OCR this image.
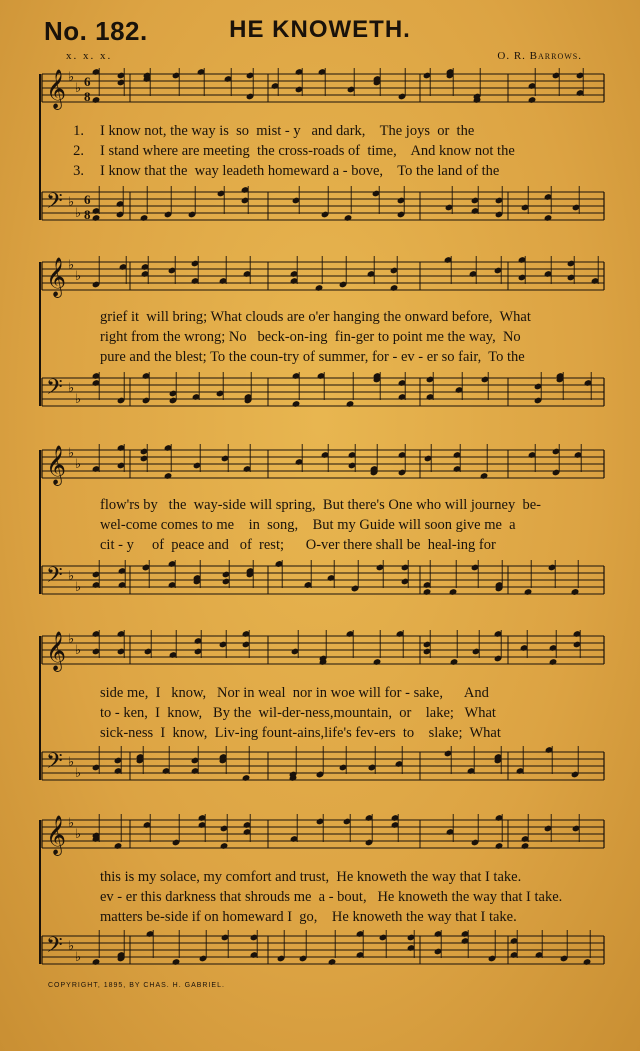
No. 182.	HE KNOWETH.
x. x. x.	O. R. Barrows.
𝄞 ♭
♭
𝄢 ♭
♭
6
8
6
8
1. I know not, the way is  so  mist - y   and dark,    The joys  or  the
2. I stand where are meeting  the cross-roads of  time,    And know not the
3. I know that the  way leadeth homeward a - bove,    To the land of the
𝄞 ♭
♭
𝄢 ♭
♭
grief it  will bring; What clouds are o'er hanging the onward before,  What
right from the wrong; No   beck-on-ing  fin-ger to point me the way,  No
pure and the blest; To the coun-try of summer, for - ev - er so fair,  To the
𝄞 ♭
♭
𝄢 ♭
♭
flow'rs by   the  way-side will spring,  But there's One who will journey  be-
wel-come comes to me    in  song,    But my Guide will soon give me  a
cit - y     of  peace and   of  rest;      O-ver there shall be  heal-ing for
𝄞 ♭
♭
𝄢 ♭
♭
side me,  I   know,   Nor in weal  nor in woe will for - sake,      And
to - ken,  I  know,   By the  wil-der-ness,mountain,  or    lake;   What
sick-ness  I  know,  Liv-ing fount-ains,life's fev-ers  to    slake;  What
𝄞 ♭
♭
𝄢 ♭
♭
this is my solace, my comfort and trust,  He knoweth the way that I take.
ev - er this darkness that shrouds me  a - bout,   He knoweth the way that I take.
matters be-side if on homeward I  go,    He knoweth the way that I take.
COPYRIGHT, 1895, BY CHAS. H. GABRIEL.
